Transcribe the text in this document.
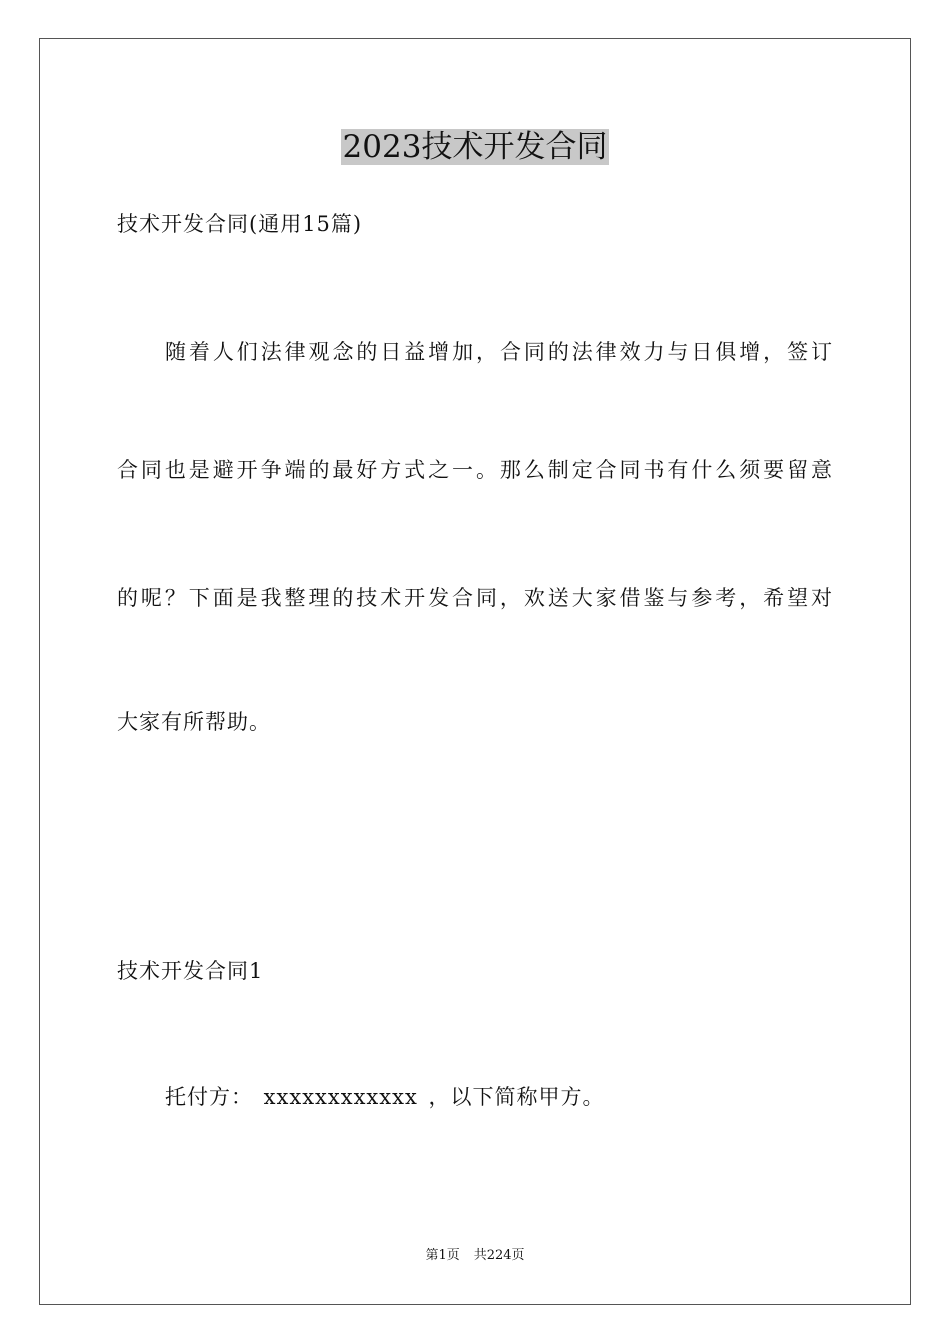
2023技术开发合同

技术开发合同(通用15篇)

随着人们法律观念的日益增加，合同的法律效力与日俱增，签订

合同也是避开争端的最好方式之一。那么制定合同书有什么须要留意

的呢？下面是我整理的技术开发合同，欢送大家借鉴与参考，希望对

大家有所帮助。

技术开发合同1

托付方： xxxxxxxxxxxx ，以下简称甲方。

第1页 共224页
